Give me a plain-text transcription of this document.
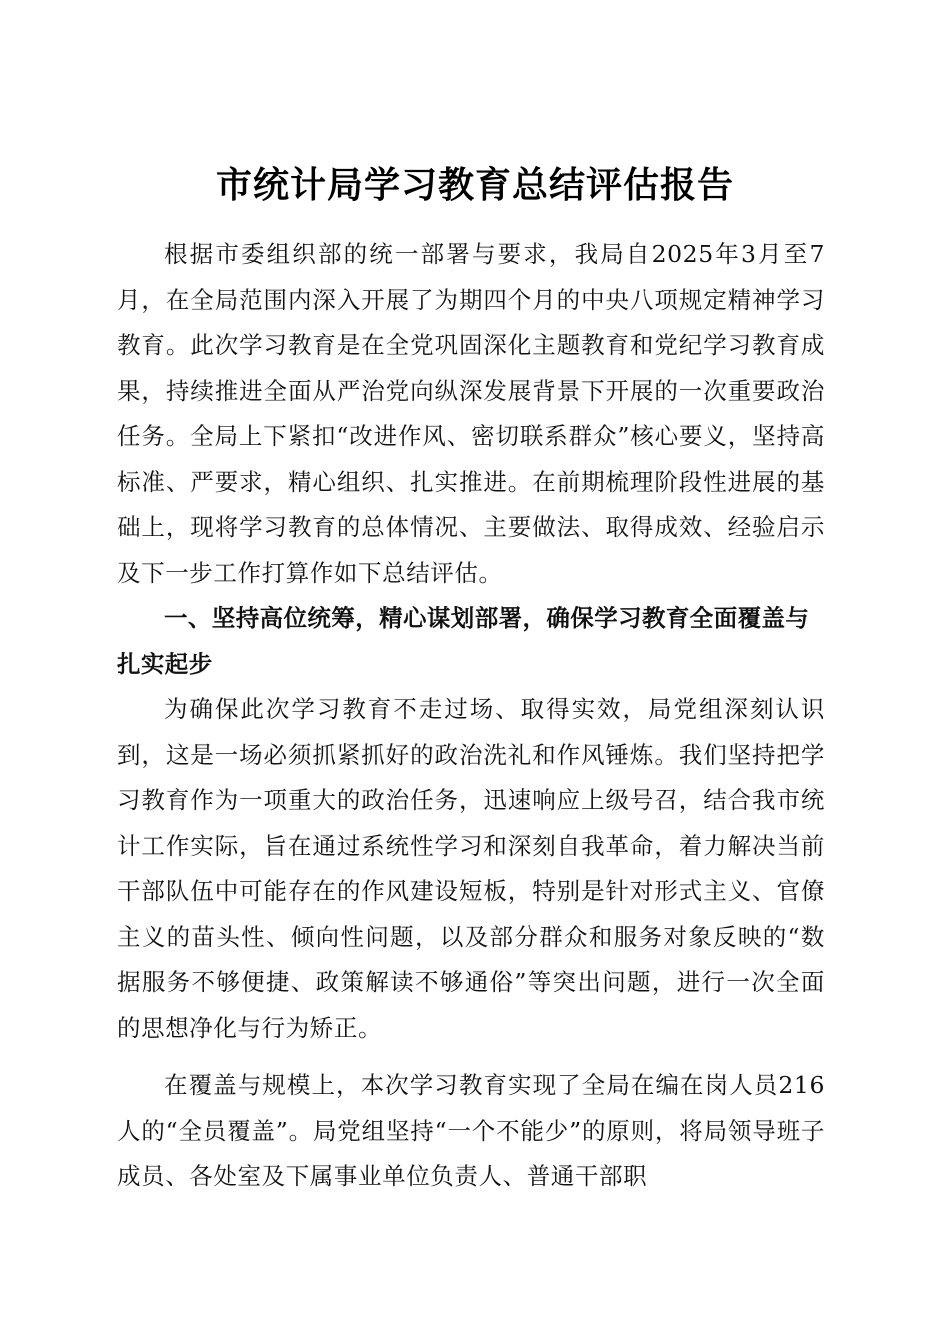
市统计局学习教育总结评估报告

根据市委组织部的统一部署与要求，我局自2025年3月至7月，在全局范围内深入开展了为期四个月的中央八项规定精神学习教育。此次学习教育是在全党巩固深化主题教育和党纪学习教育成果，持续推进全面从严治党向纵深发展背景下开展的一次重要政治任务。全局上下紧扣“改进作风、密切联系群众”核心要义，坚持高标准、严要求，精心组织、扎实推进。在前期梳理阶段性进展的基础上，现将学习教育的总体情况、主要做法、取得成效、经验启示及下一步工作打算作如下总结评估。

一、坚持高位统筹，精心谋划部署，确保学习教育全面覆盖与扎实起步

为确保此次学习教育不走过场、取得实效，局党组深刻认识到，这是一场必须抓紧抓好的政治洗礼和作风锤炼。我们坚持把学习教育作为一项重大的政治任务，迅速响应上级号召，结合我市统计工作实际，旨在通过系统性学习和深刻自我革命，着力解决当前干部队伍中可能存在的作风建设短板，特别是针对形式主义、官僚主义的苗头性、倾向性问题，以及部分群众和服务对象反映的“数据服务不够便捷、政策解读不够通俗”等突出问题，进行一次全面的思想净化与行为矫正。

在覆盖与规模上，本次学习教育实现了全局在编在岗人员216人的“全员覆盖”。局党组坚持“一个不能少”的原则，将局领导班子成员、各处室及下属事业单位负责人、普通干部职
